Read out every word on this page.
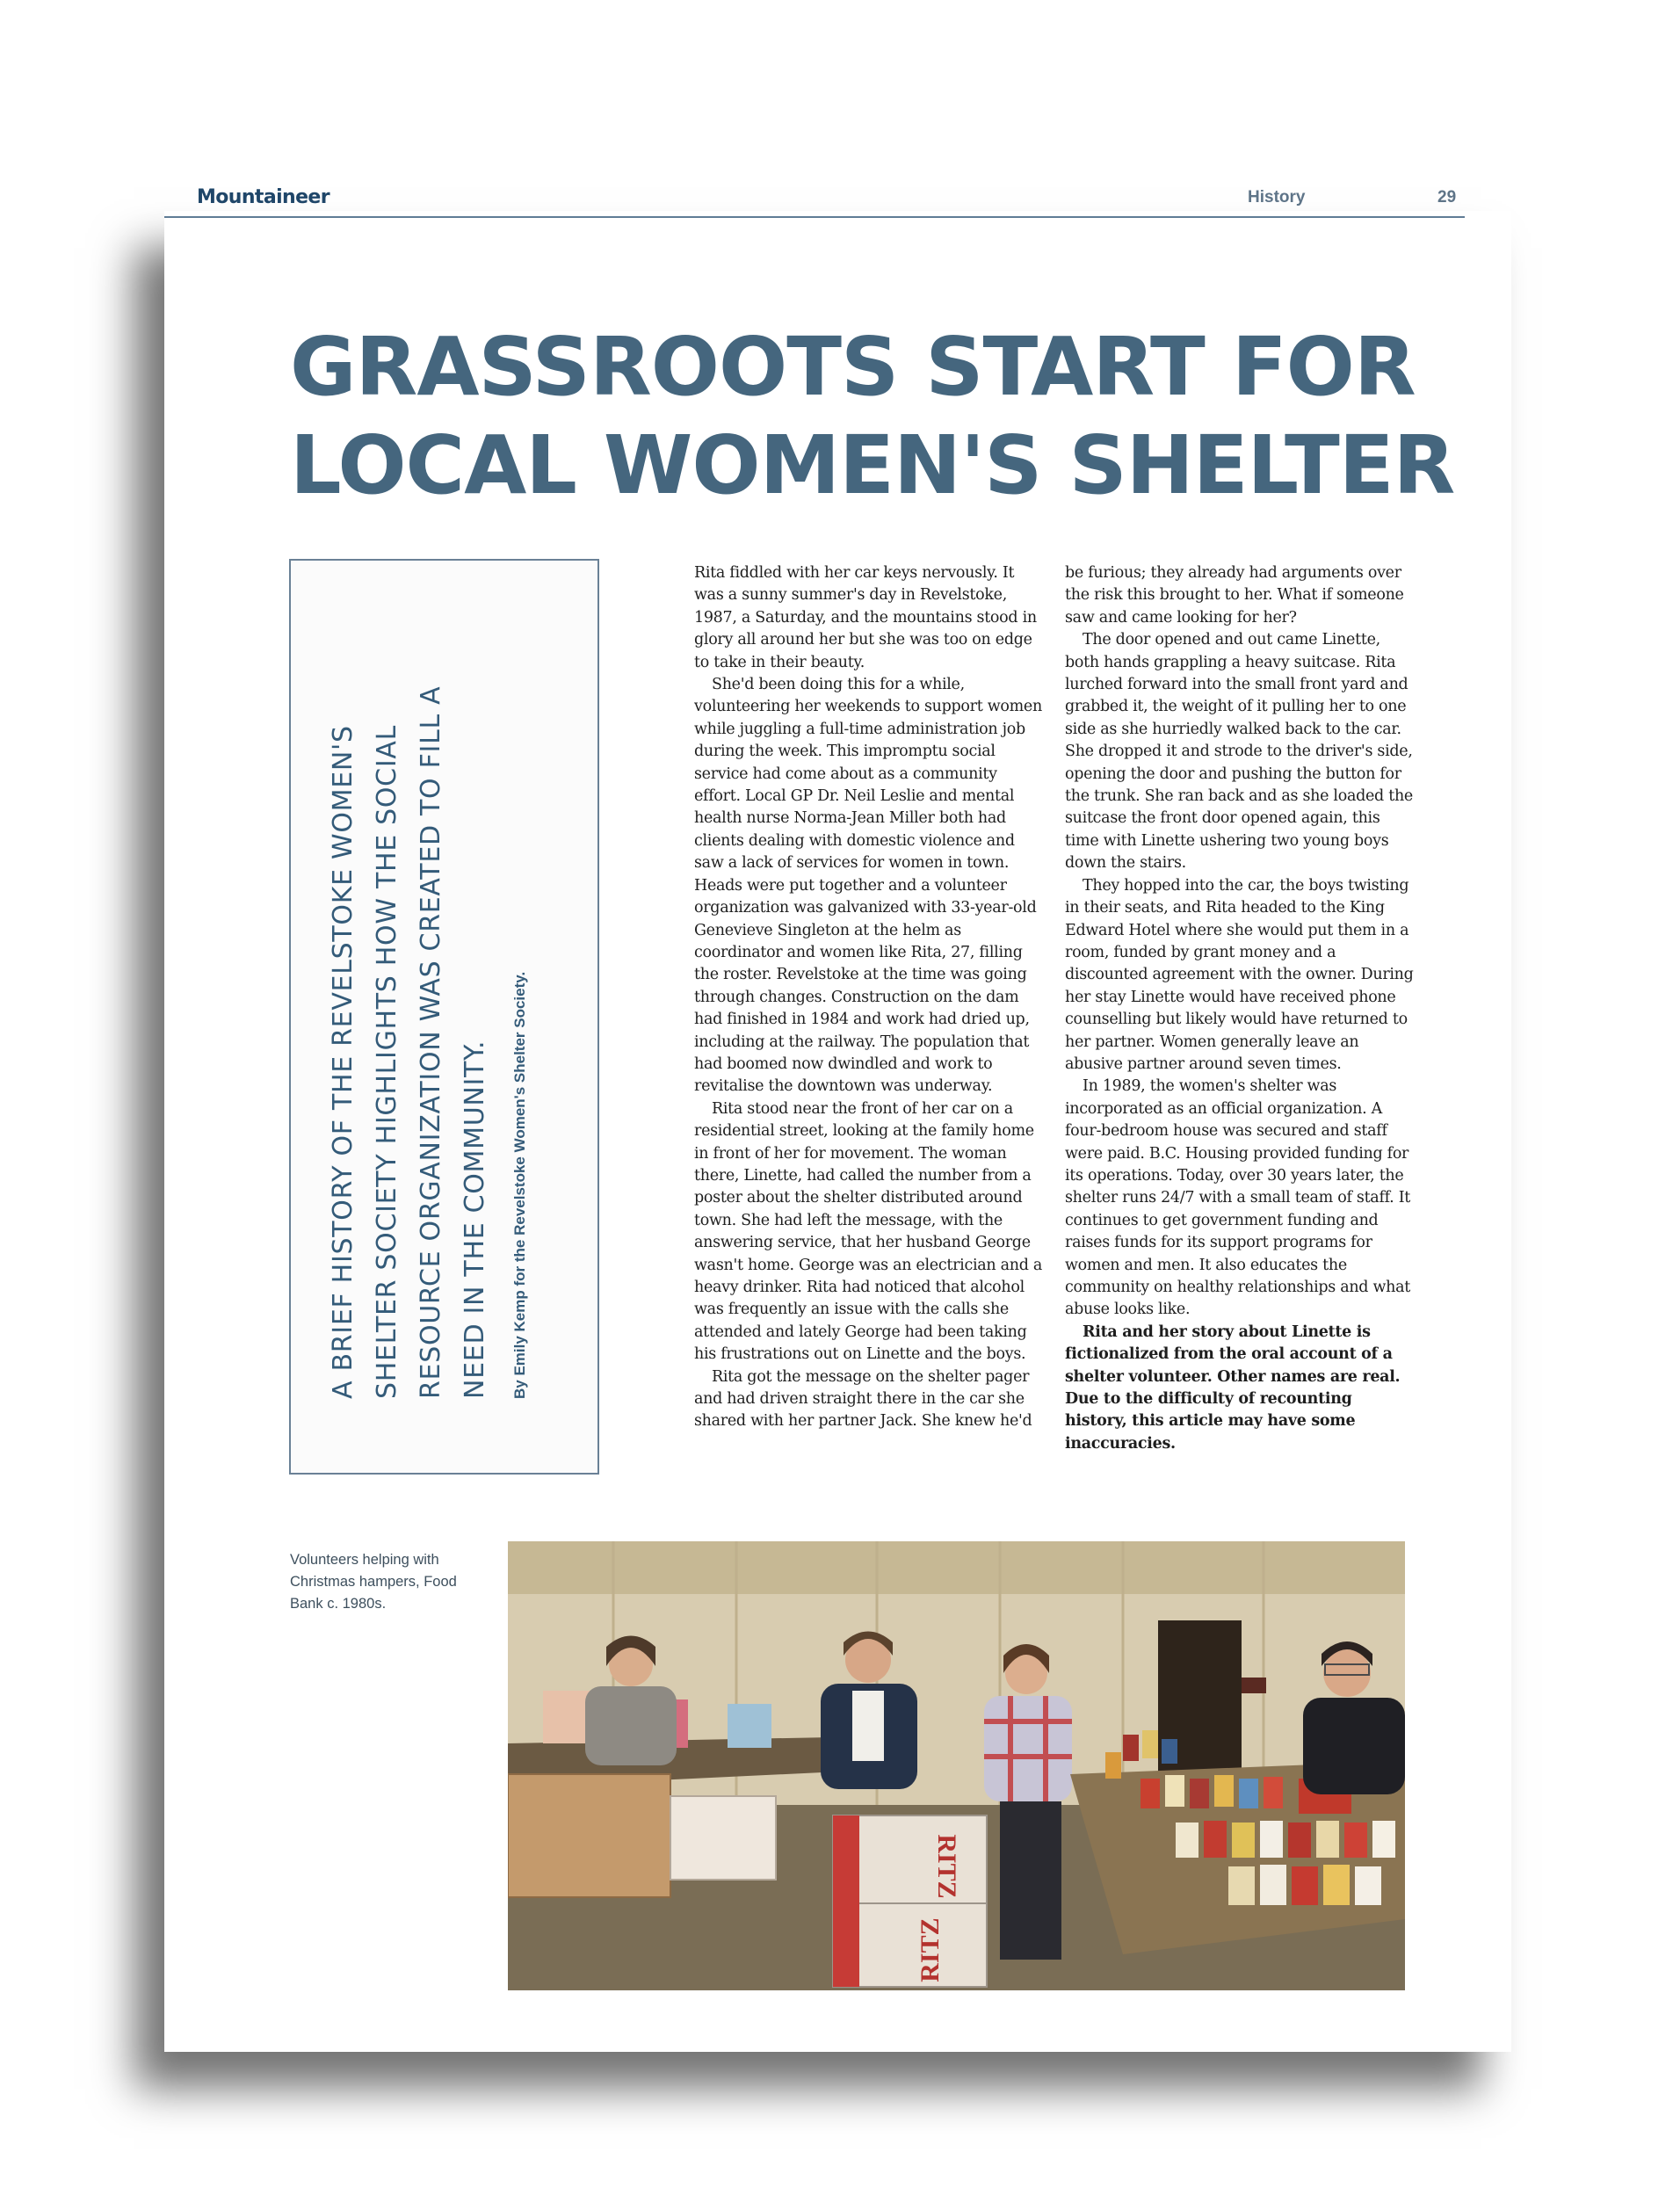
Mountaineer	History	29
GRASSROOTS START FOR
LOCAL WOMEN'S SHELTER
A BRIEF HISTORY OF THE REVELSTOKE WOMEN'S SHELTER SOCIETY HIGHLIGHTS HOW THE SOCIAL RESOURCE ORGANIZATION WAS CREATED TO FILL A NEED IN THE COMMUNITY.	By Emily Kemp for the Revelstoke Women's Shelter Society.

Rita fiddled with her car keys nervously. It was a sunny summer's day in Revelstoke, 1987, a Saturday, and the mountains stood in glory all around her but she was too on edge to take in their beauty.

She'd been doing this for a while, volunteering her weekends to support women while juggling a full-time administration job during the week. This impromptu social service had come about as a community effort. Local GP Dr. Neil Leslie and mental health nurse Norma-Jean Miller both had clients dealing with domestic violence and saw a lack of services for women in town. Heads were put together and a volunteer organization was galvanized with 33-year-old Genevieve Singleton at the helm as coordinator and women like Rita, 27, filling the roster. Revelstoke at the time was going through changes. Construction on the dam had finished in 1984 and work had dried up, including at the railway. The population that had boomed now dwindled and work to revitalise the downtown was underway.

Rita stood near the front of her car on a residential street, looking at the family home in front of her for movement. The woman there, Linette, had called the number from a poster about the shelter distributed around town. She had left the message, with the answering service, that her husband George wasn't home. George was an electrician and a heavy drinker. Rita had noticed that alcohol was frequently an issue with the calls she attended and lately George had been taking his frustrations out on Linette and the boys.

Rita got the message on the shelter pager and had driven straight there in the car she shared with her partner Jack. She knew he'd

be furious; they already had arguments over the risk this brought to her. What if someone saw and came looking for her?

The door opened and out came Linette, both hands grappling a heavy suitcase. Rita lurched forward into the small front yard and grabbed it, the weight of it pulling her to one side as she hurriedly walked back to the car. She dropped it and strode to the driver's side, opening the door and pushing the button for the trunk. She ran back and as she loaded the suitcase the front door opened again, this time with Linette ushering two young boys down the stairs.

They hopped into the car, the boys twisting in their seats, and Rita headed to the King Edward Hotel where she would put them in a room, funded by grant money and a discounted agreement with the owner. During her stay Linette would have received phone counselling but likely would have returned to her partner. Women generally leave an abusive partner around seven times.

In 1989, the women's shelter was incorporated as an official organization. A four-bedroom house was secured and staff were paid. B.C. Housing provided funding for its operations. Today, over 30 years later, the shelter runs 24/7 with a small team of staff. It continues to get government funding and raises funds for its support programs for women and men. It also educates the community on healthy relationships and what abuse looks like.

Rita and her story about Linette is fictionalized from the oral account of a shelter volunteer. Other names are real. Due to the difficulty of recounting history, this article may have some inaccuracies.

Volunteers helping with Christmas hampers, Food Bank c. 1980s.
RITZ
RITZ
